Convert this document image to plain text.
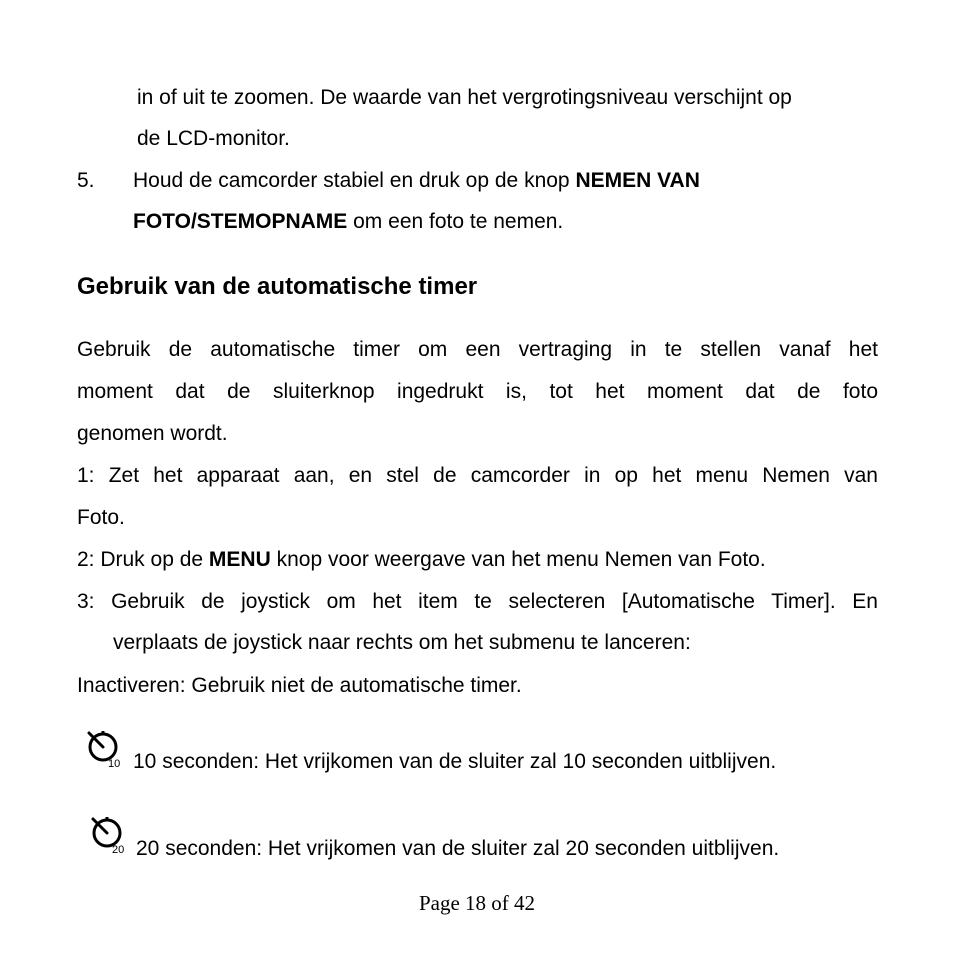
in of uit te zoomen. De waarde van het vergrotingsniveau verschijnt op
de LCD-monitor.
5. Houd de camcorder stabiel en druk op de knop NEMEN VAN
FOTO/STEMOPNAME om een foto te nemen.
Gebruik van de automatische timer
Gebruik de automatische timer om een vertraging in te stellen vanaf het
moment dat de sluiterknop ingedrukt is, tot het moment dat de foto
genomen wordt.
1: Zet het apparaat aan, en stel de camcorder in op het menu Nemen van
Foto.
2: Druk op de MENU knop voor weergave van het menu Nemen van Foto.
3: Gebruik de joystick om het item te selecteren [Automatische Timer]. En
verplaats de joystick naar rechts om het submenu te lanceren:
Inactiveren: Gebruik niet de automatische timer.
10 10 seconden: Het vrijkomen van de sluiter zal 10 seconden uitblijven.
20 20 seconden: Het vrijkomen van de sluiter zal 20 seconden uitblijven.
Page 18 of 42
